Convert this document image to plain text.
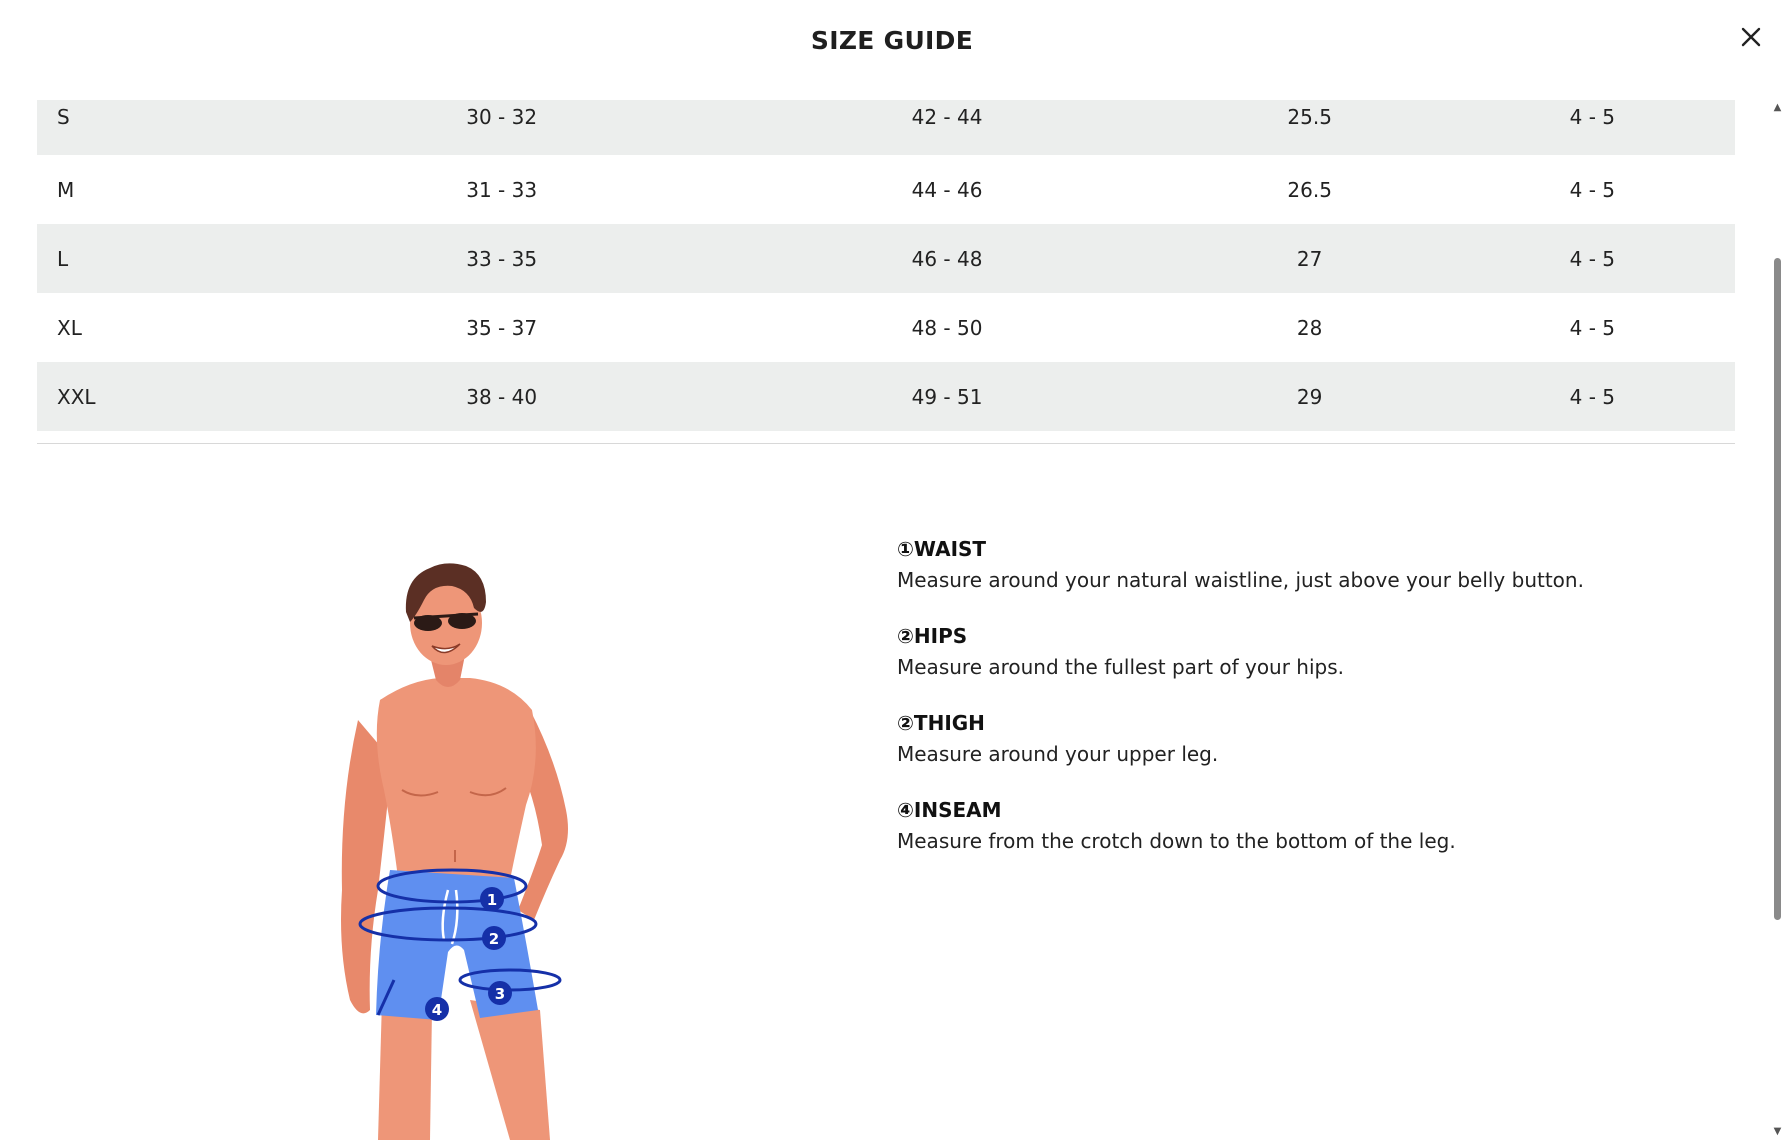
S	30 - 32	42 - 44	25.5	4 - 5
M	31 - 33	44 - 46	26.5	4 - 5
L	33 - 35	46 - 48	27	4 - 5
XL	35 - 37	48 - 50	28	4 - 5
XXL	38 - 40	49 - 51	29	4 - 5
SIZE GUIDE
1
2
3
4
①WAIST
Measure around your natural waistline, just above your belly button.
②HIPS
Measure around the fullest part of your hips.
②THIGH
Measure around your upper leg.
④INSEAM
Measure from the crotch down to the bottom of the leg.
▲
▼
